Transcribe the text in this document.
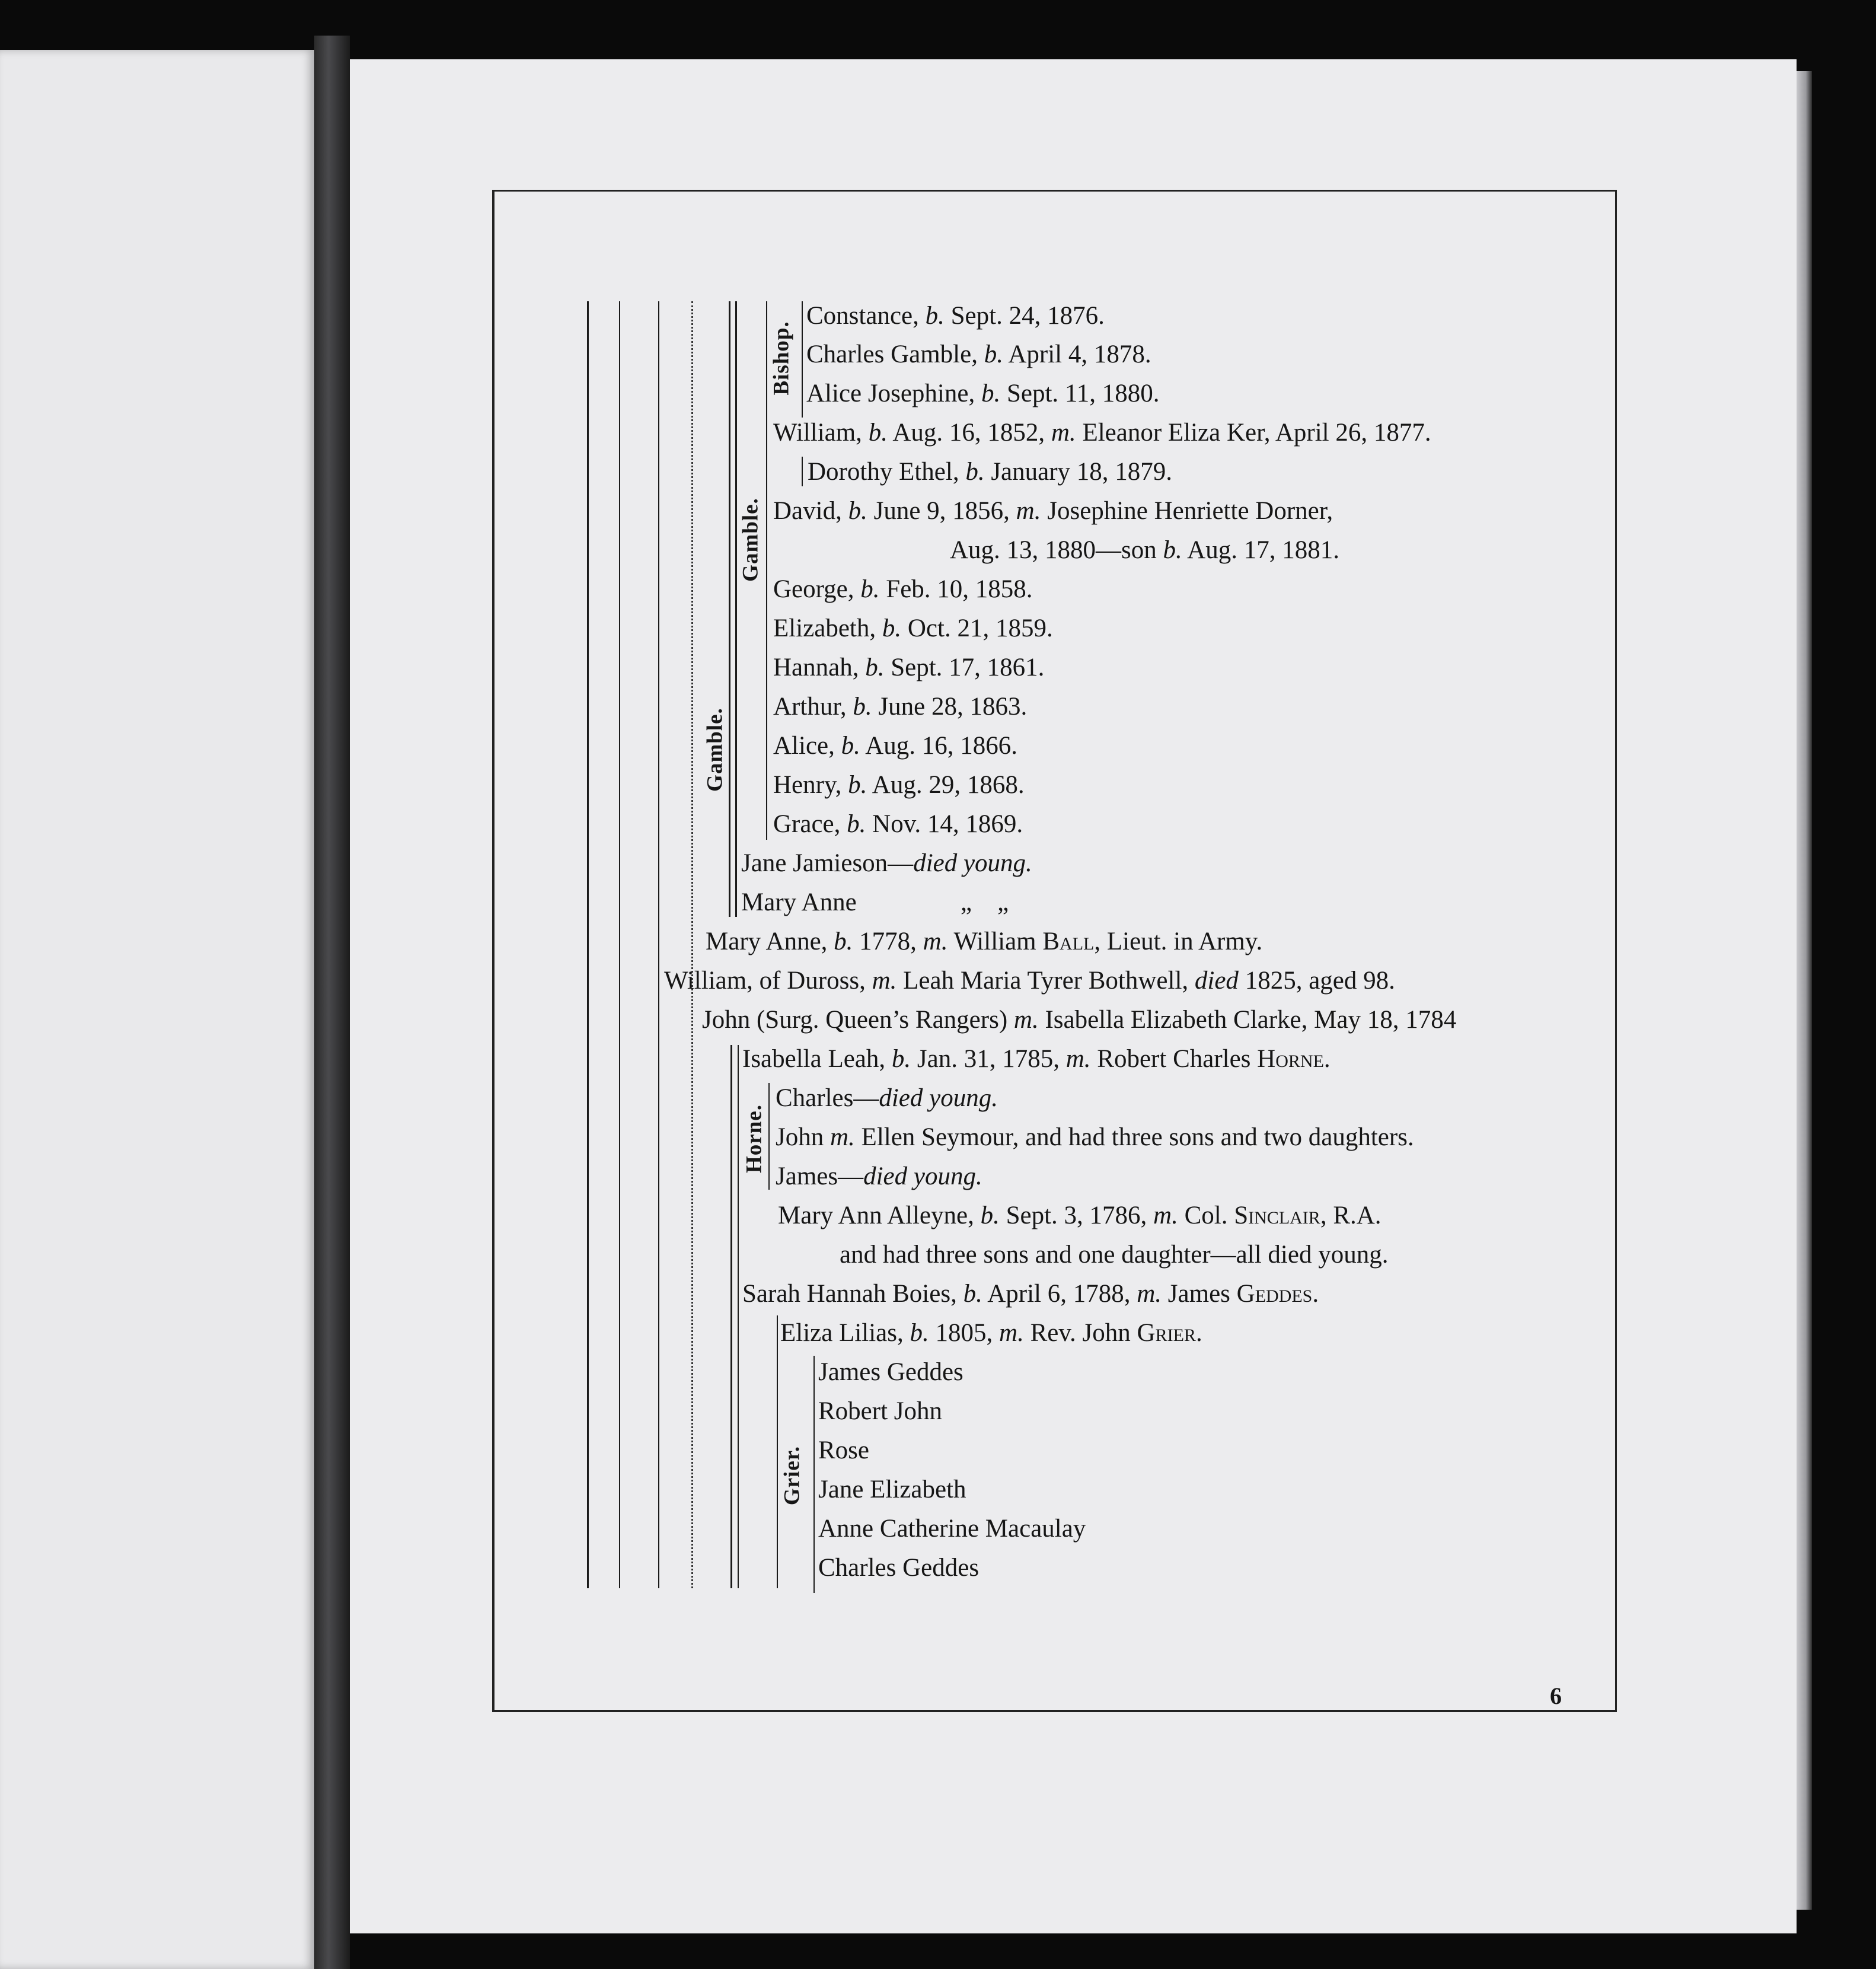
Bishop.
Gamble.
Gamble.
Horne.
Grier.
Constance, b. Sept. 24, 1876.
Charles Gamble, b. April 4, 1878.
Alice Josephine, b. Sept. 11, 1880.
William, b. Aug. 16, 1852, m. Eleanor Eliza Ker, April 26, 1877.
Dorothy Ethel, b. January 18, 1879.
David, b. June 9, 1856, m. Josephine Henriette Dorner,
Aug. 13, 1880—son b. Aug. 17, 1881.
George, b. Feb. 10, 1858.
Elizabeth, b. Oct. 21, 1859.
Hannah, b. Sept. 17, 1861.
Arthur, b. June 28, 1863.
Alice, b. Aug. 16, 1866.
Henry, b. Aug. 29, 1868.
Grace, b. Nov. 14, 1869.
Jane Jamieson—died young.
Mary Anne	„    „
Mary Anne, b. 1778, m. William Ball, Lieut. in Army.
William, of Duross, m. Leah Maria Tyrer Bothwell, died 1825, aged 98.
John (Surg. Queen’s Rangers) m. Isabella Elizabeth Clarke, May 18, 1784
Isabella Leah, b. Jan. 31, 1785, m. Robert Charles Horne.
Charles—died young.
John m. Ellen Seymour, and had three sons and two daughters.
James—died young.
Mary Ann Alleyne, b. Sept. 3, 1786, m. Col. Sinclair, R.A.
and had three sons and one daughter—all died young.
Sarah Hannah Boies, b. April 6, 1788, m. James Geddes.
Eliza Lilias, b. 1805, m. Rev. John Grier.
James Geddes
Robert John
Rose
Jane Elizabeth
Anne Catherine Macaulay
Charles Geddes
6
